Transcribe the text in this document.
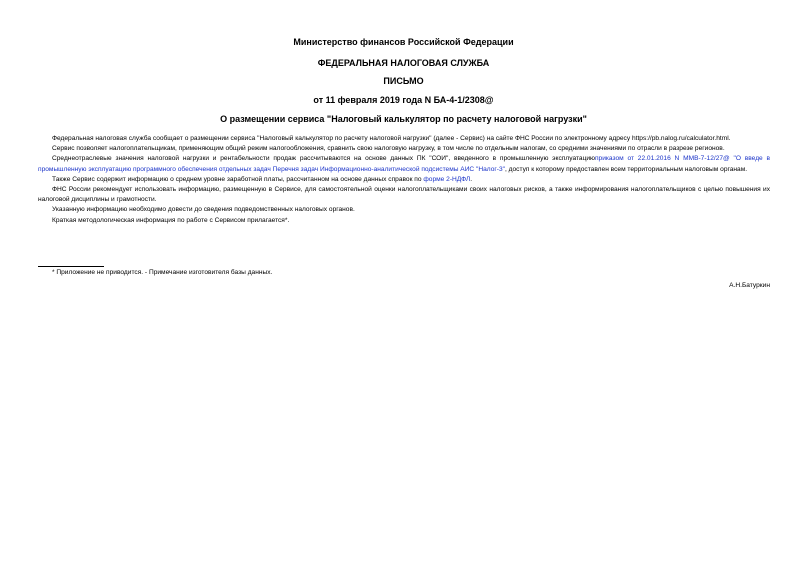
Министерство финансов Российской Федерации
ФЕДЕРАЛЬНАЯ НАЛОГОВАЯ СЛУЖБА
ПИСЬМО
от 11 февраля 2019 года N БА-4-1/2308@
О размещении сервиса "Налоговый калькулятор по расчету налоговой нагрузки"

Федеральная налоговая служба сообщает о размещении сервиса "Налоговый калькулятор по расчету налоговой нагрузки" (далее - Сервис) на сайте ФНС России по электронному адресу https://pb.nalog.ru/calculator.html.

Сервис позволяет налогоплательщикам, применяющим общий режим налогообложения, сравнить свою налоговую нагрузку, в том числе по отдельным налогам, со средними значениями по отрасли в разрезе регионов.

Среднеотраслевые значения налоговой нагрузки и рентабельности продаж рассчитываются на основе данных ПК "СОИ", введенного в промышленную эксплуатациюприказом от 22.01.2016 N ММВ-7-12/27@ "О введе в промышленную эксплуатацию программного обеспечения отдельных задач Перечня задач Информационно-аналитической подсистемы АИС "Налог-3", доступ к которому предоставлен всем территориальным налоговым органам.

Также Сервис содержит информацию о среднем уровне заработной платы, рассчитанном на основе данных справок по форме 2-НДФЛ.

ФНС России рекомендует использовать информацию, размещенную в Сервисе, для самостоятельной оценки налогоплательщиками своих налоговых рисков, а также информирования налогоплательщиков с целью повышения их налоговой дисциплины и грамотности.

Указанную информацию необходимо довести до сведения подведомственных налоговых органов.

Краткая методологическая информация по работе с Сервисом прилагается*.

* Приложение не приводится. - Примечание изготовителя базы данных.
А.Н.Батуркин
